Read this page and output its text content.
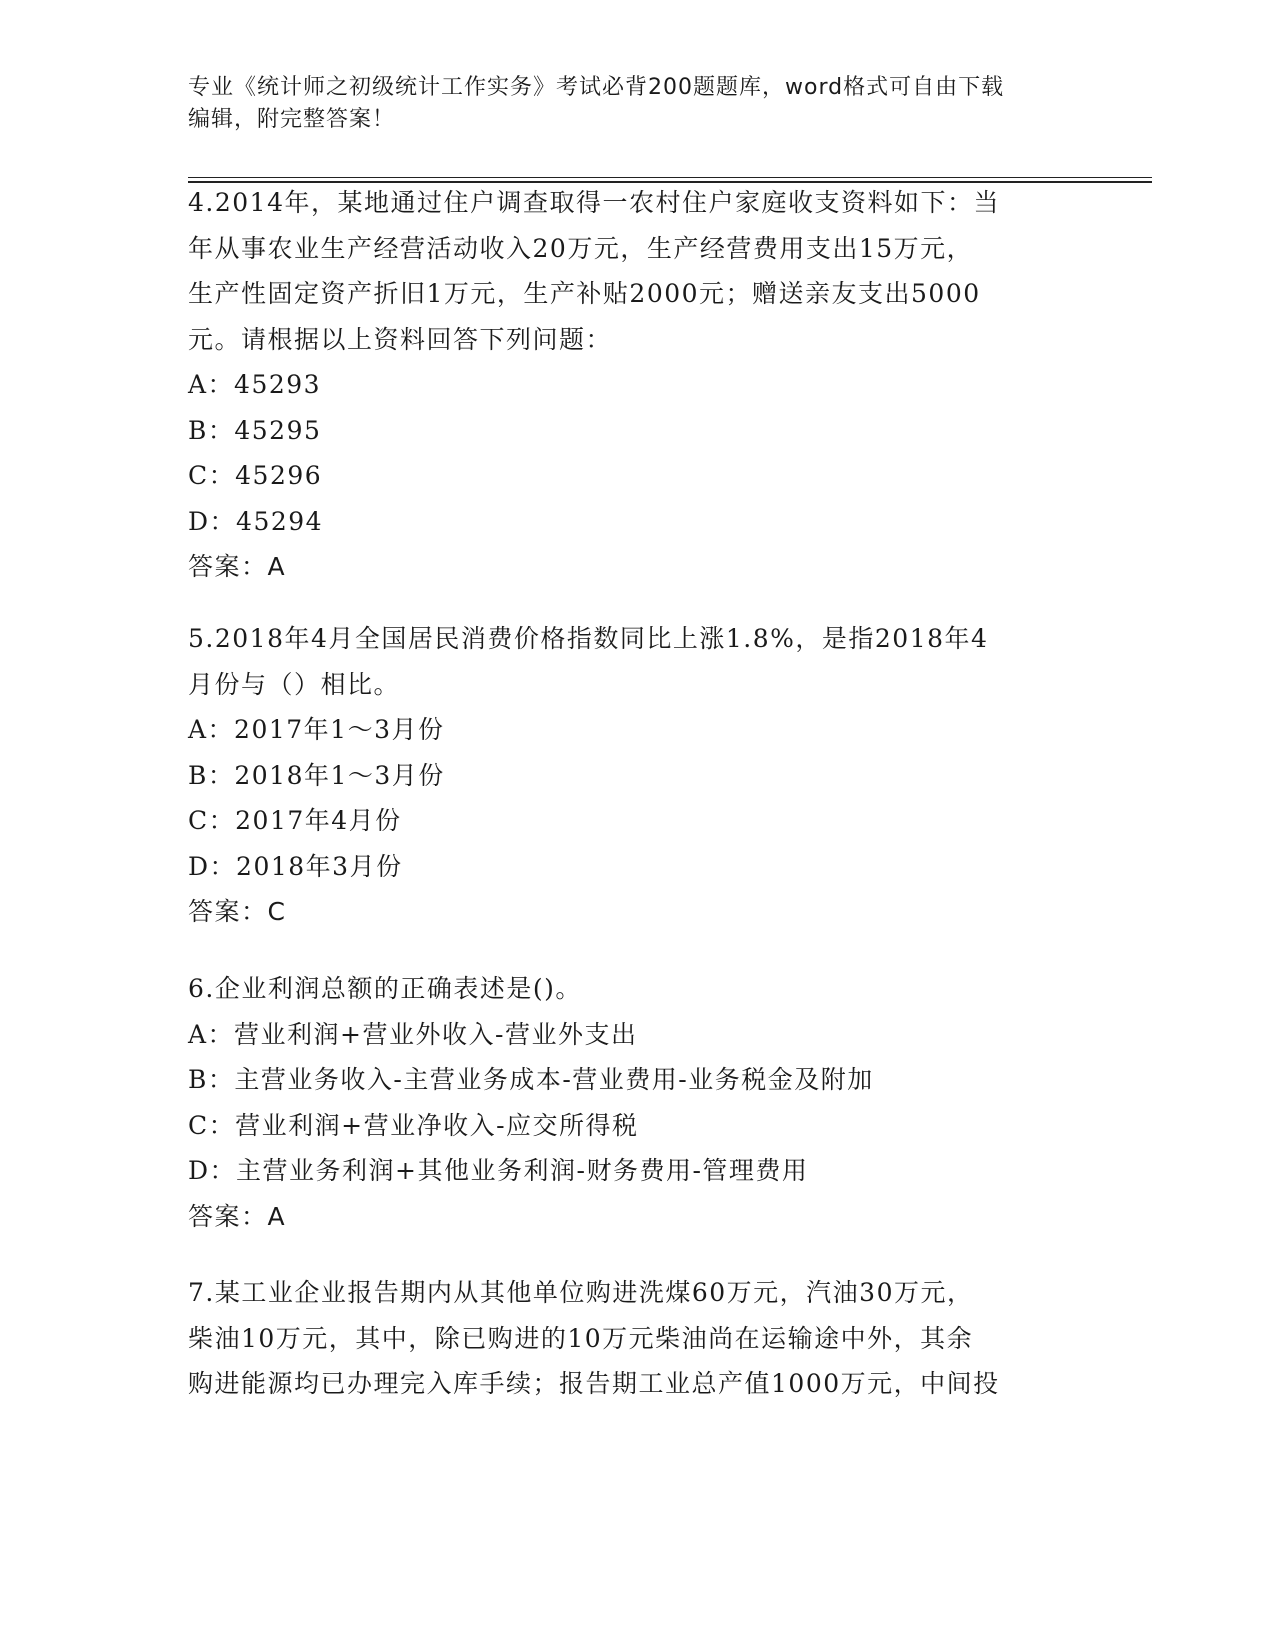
专业《统计师之初级统计工作实务》考试必背200题题库，word格式可自由下载
编辑，附完整答案！
4.2014年，某地通过住户调查取得一农村住户家庭收支资料如下：当
年从事农业生产经营活动收入20万元，生产经营费用支出15万元，
生产性固定资产折旧1万元，生产补贴2000元；赠送亲友支出5000
元。请根据以上资料回答下列问题：
A：45293
B：45295
C：45296
D：45294
答案：A
5.2018年4月全国居民消费价格指数同比上涨1.8%，是指2018年4
月份与（）相比。
A：2017年1～3月份
B：2018年1～3月份
C：2017年4月份
D：2018年3月份
答案：C
6.企业利润总额的正确表述是()。
A：营业利润+营业外收入-营业外支出
B：主营业务收入-主营业务成本-营业费用-业务税金及附加
C：营业利润+营业净收入-应交所得税
D：主营业务利润+其他业务利润-财务费用-管理费用
答案：A
7.某工业企业报告期内从其他单位购进洗煤60万元，汽油30万元，
柴油10万元，其中，除已购进的10万元柴油尚在运输途中外，其余
购进能源均已办理完入库手续；报告期工业总产值1000万元，中间投
